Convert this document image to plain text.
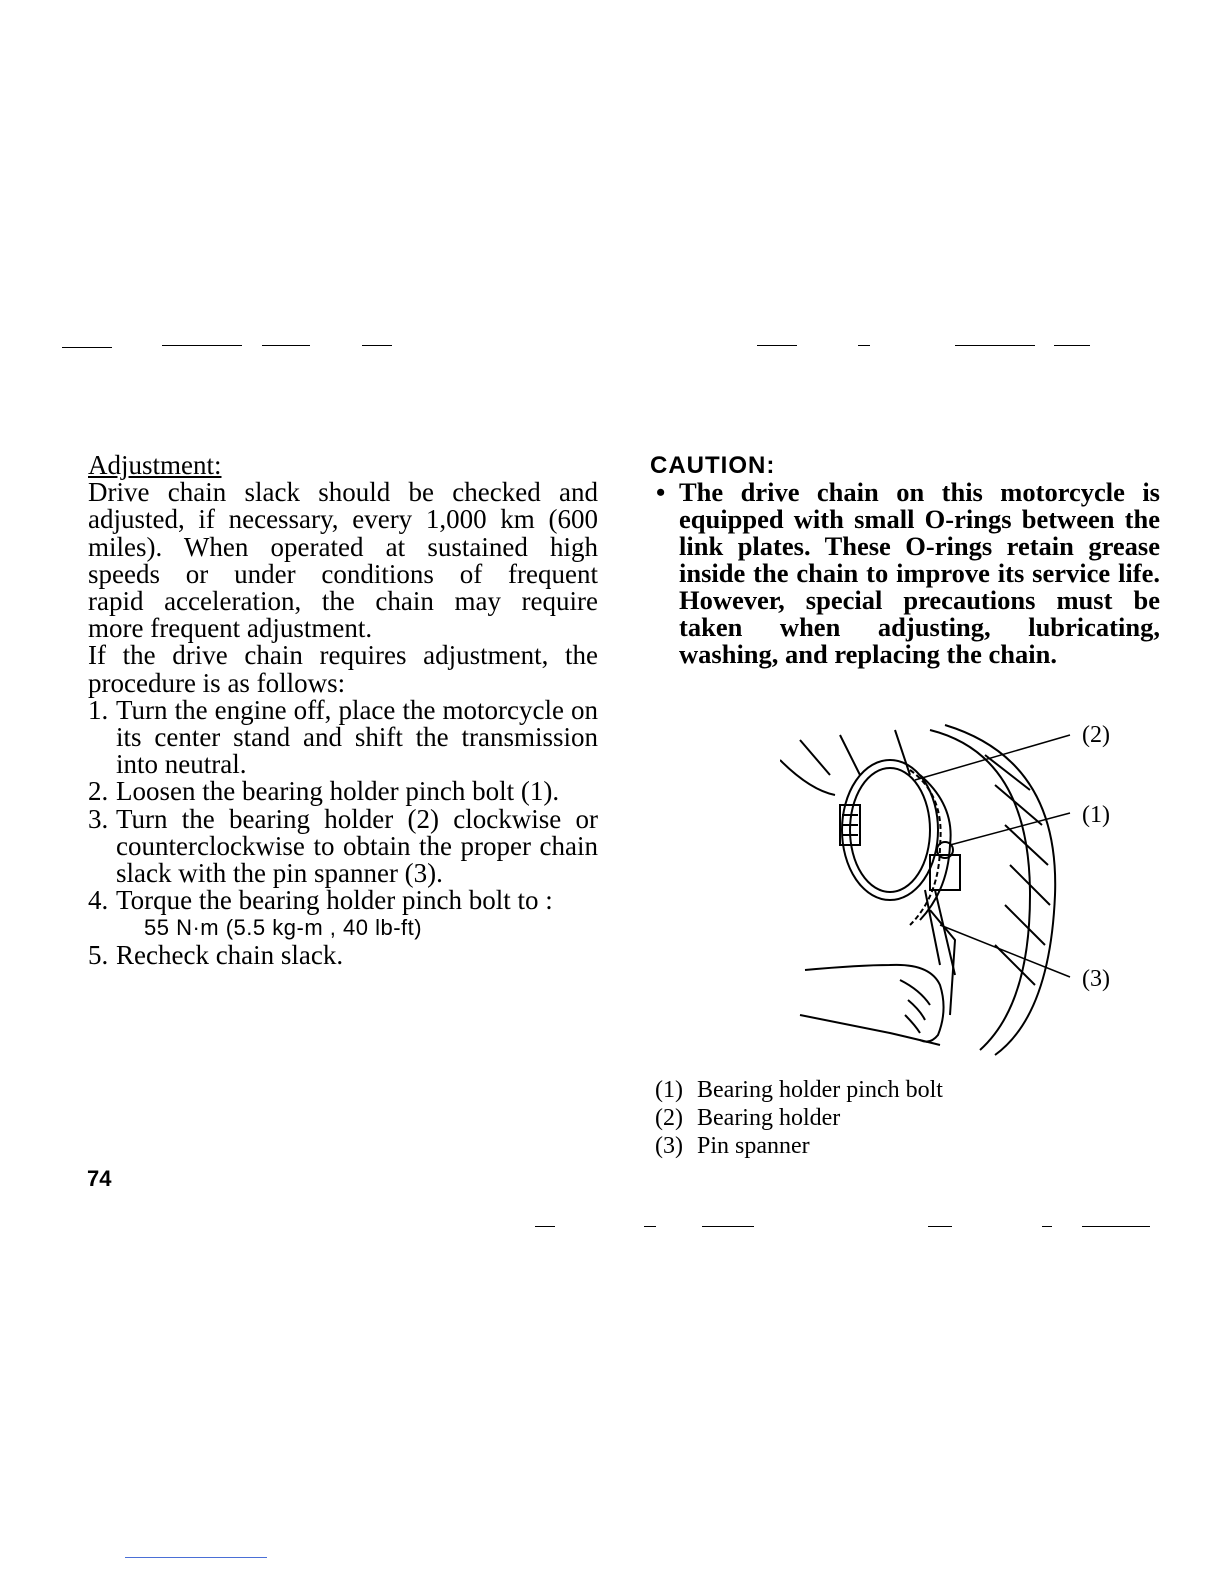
Adjustment:
Drive chain slack should be checked and
adjusted, if necessary, every 1,000 km (600
miles). When operated at sustained high
speeds or under conditions of frequent
rapid acceleration, the chain may require
more frequent adjustment.
If the drive chain requires adjustment, the procedure is as follows:
1. Turn the engine off, place the motorcycle on its center stand and shift the transmission into neutral.
2. Loosen the bearing holder pinch bolt (1).
3. Turn the bearing holder (2) clockwise or counterclockwise to obtain the proper chain slack with the pin spanner (3).
4. Torque the bearing holder pinch bolt to :
55 N·m (5.5 kg-m , 40 lb-ft)
5. Recheck chain slack.
CAUTION:
• The drive chain on this motorcycle is equipped with small O-rings between the link plates. These O-rings retain grease inside the chain to improve its service life. However, special precautions must be taken when adjusting, lubricating, washing, and replacing the chain.
(2)
(1)
(3)
(1) Bearing holder pinch bolt
(2) Bearing holder
(3) Pin spanner
74
